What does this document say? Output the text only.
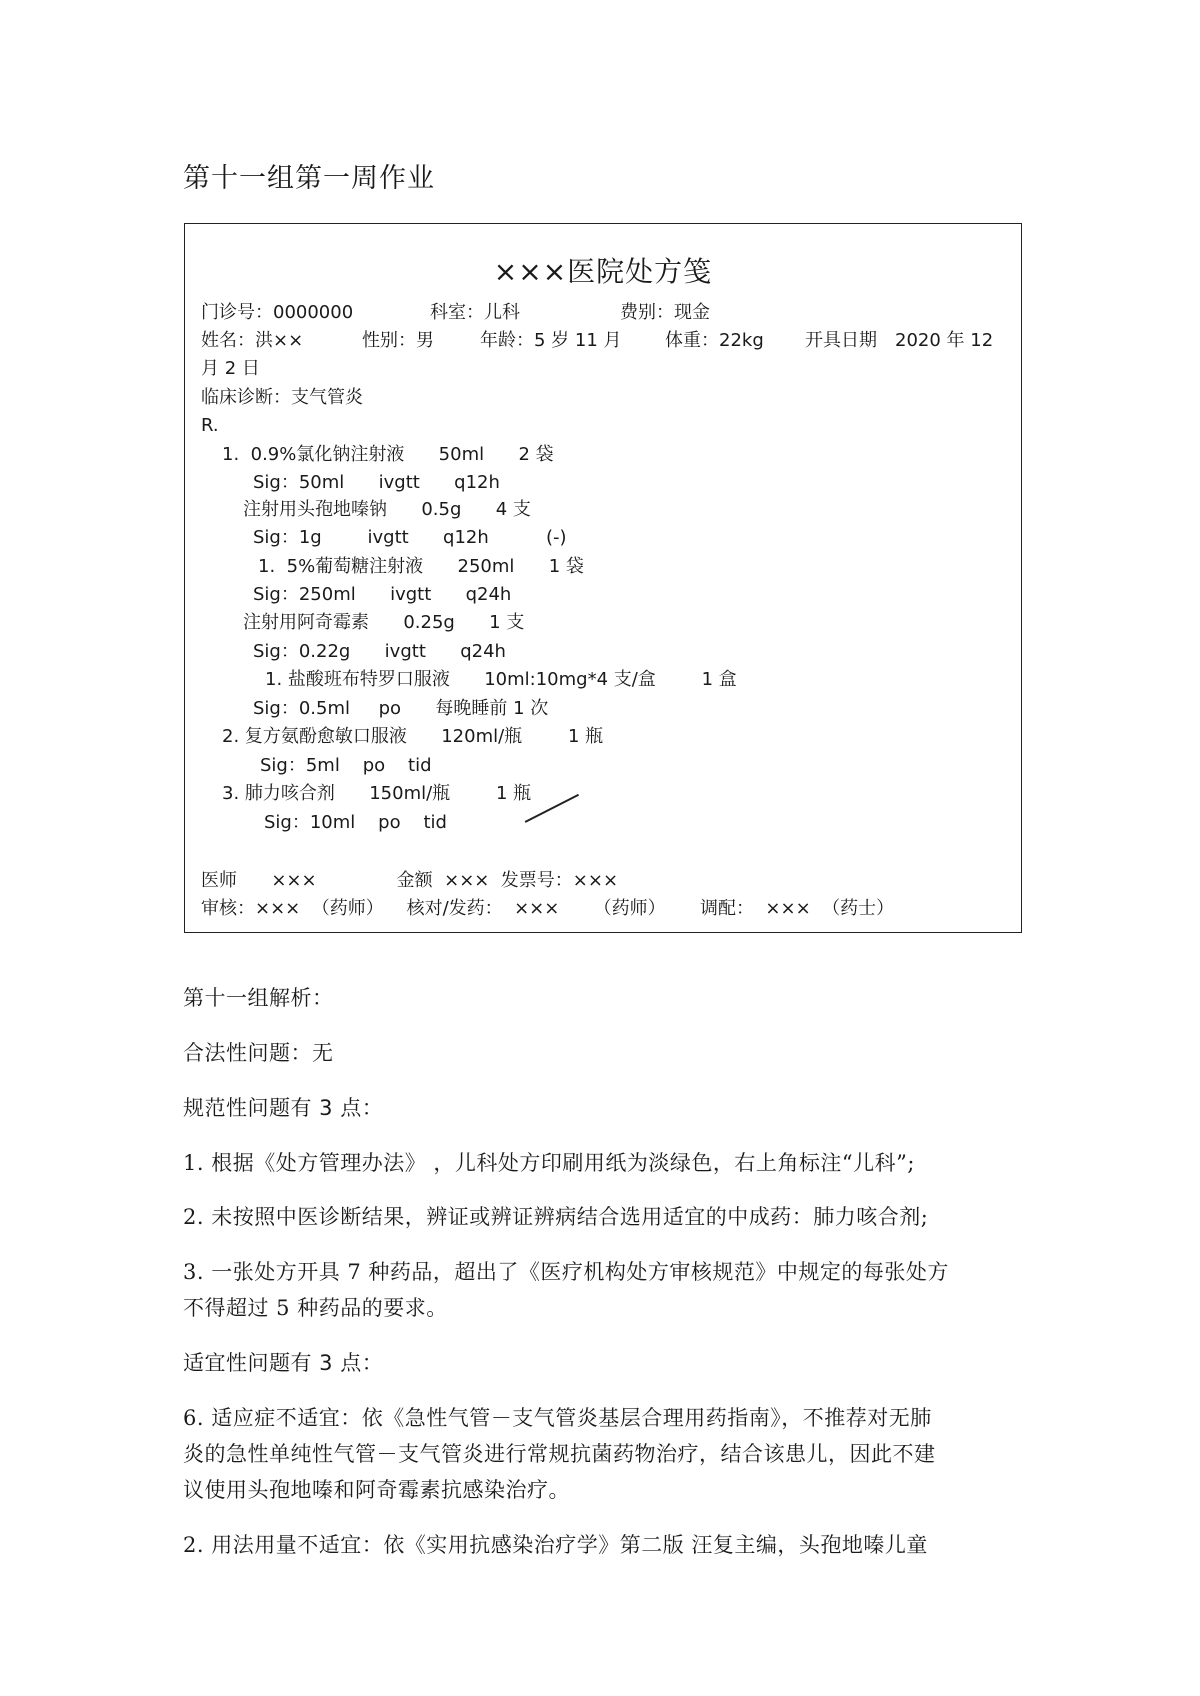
第十一组第一周作业
×××医院处方笺
门诊号：0000000	科室：儿科	费别：现金
姓名：洪××	性别：男	年龄：5 岁 11 月 体重：22kg 开具日期　2020 年 12
月 2 日
临床诊断：支气管炎
R.
1.  0.9%氯化钠注射液      50ml      2 袋
Sig：50ml      ivgtt      q12h
注射用头孢地嗪钠      0.5g      4 支
Sig：1g        ivgtt      q12h          (-)
1.  5%葡萄糖注射液      250ml      1 袋
Sig：250ml      ivgtt      q24h
注射用阿奇霉素      0.25g      1 支
Sig：0.22g      ivgtt      q24h
1. 盐酸班布特罗口服液      10ml:10mg*4 支/盒        1 盒
Sig：0.5ml     po      每晚睡前 1 次
2. 复方氨酚愈敏口服液      120ml/瓶        1 瓶
Sig：5ml    po    tid
3. 肺力咳合剂      150ml/瓶        1 瓶
Sig：10ml    po    tid
医师      ×××              金额  ×××  发票号：×××
审核：×××  （药师）    核对/发药：  ×××      （药师）      调配：  ×××  （药士）
第十一组解析：
合法性问题：无
规范性问题有 3 点：
1. 根据《处方管理办法》 ，儿科处方印刷用纸为淡绿色，右上角标注“儿科”;
2. 未按照中医诊断结果，辨证或辨证辨病结合选用适宜的中成药：肺力咳合剂;
3. 一张处方开具 7 种药品，超出了《医疗机构处方审核规范》中规定的每张处方
不得超过 5 种药品的要求。
适宜性问题有 3 点：
6. 适应症不适宜：依《急性气管－支气管炎基层合理用药指南》，不推荐对无肺
炎的急性单纯性气管－支气管炎进行常规抗菌药物治疗，结合该患儿，因此不建
议使用头孢地嗪和阿奇霉素抗感染治疗。
2. 用法用量不适宜：依《实用抗感染治疗学》第二版 汪复主编，头孢地嗪儿童
